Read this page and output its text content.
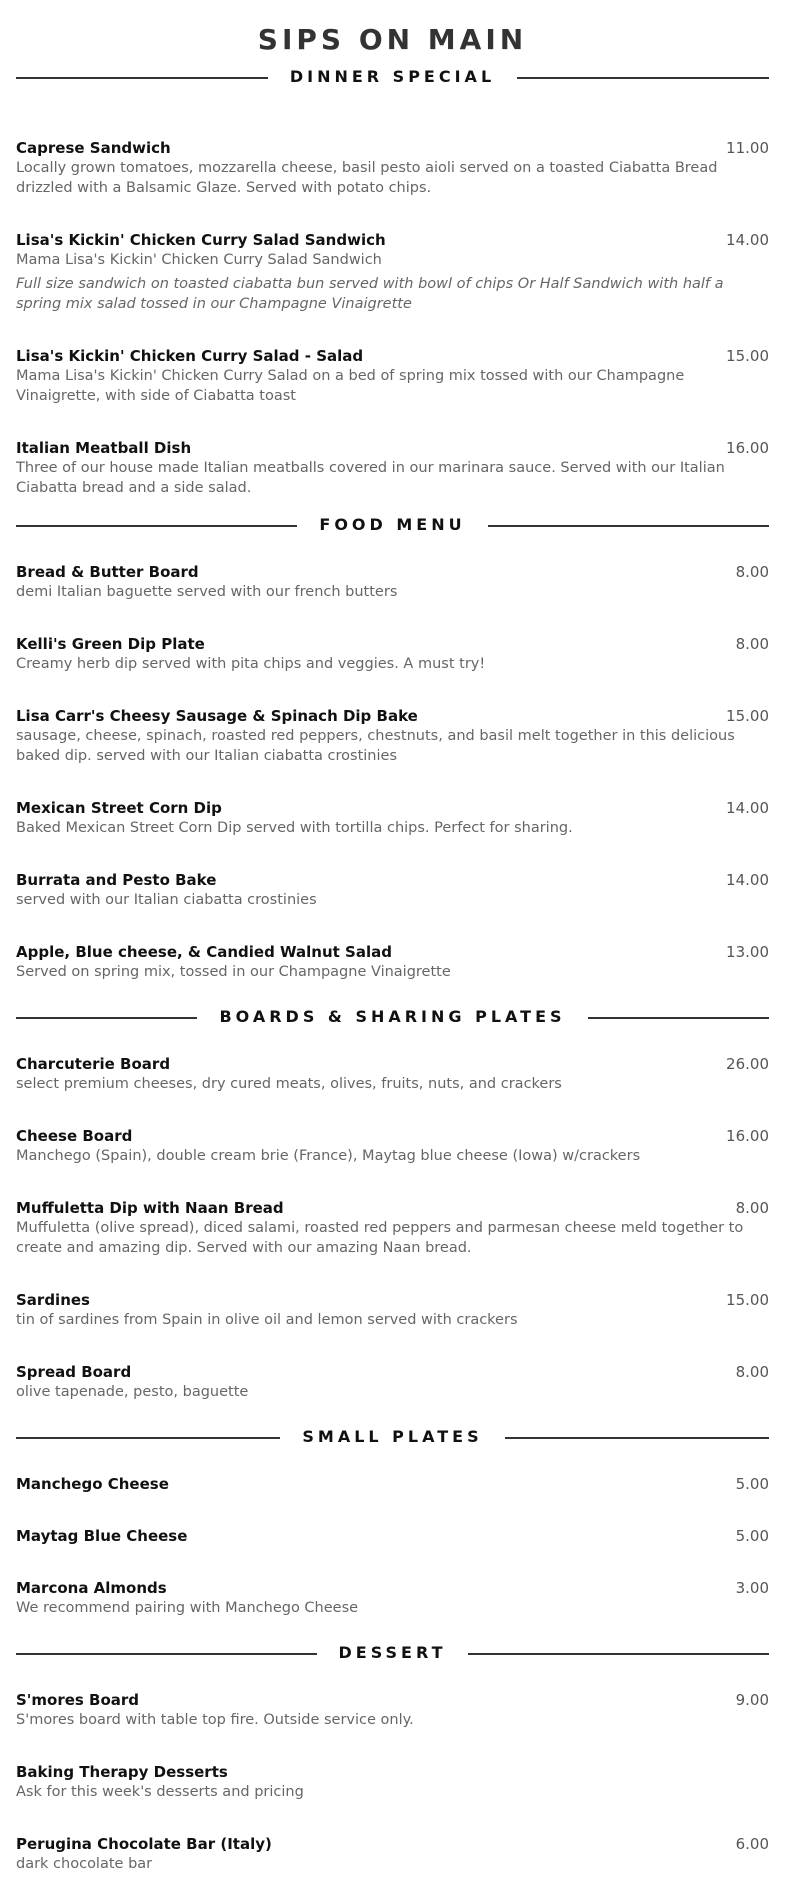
SIPS ON MAIN
DINNER SPECIAL
Caprese Sandwich	11.00
Locally grown tomatoes, mozzarella cheese, basil pesto aioli served on a toasted Ciabatta Bread drizzled with a Balsamic Glaze. Served with potato chips.
Lisa's Kickin' Chicken Curry Salad Sandwich	14.00
Mama Lisa's Kickin' Chicken Curry Salad Sandwich
Full size sandwich on toasted ciabatta bun served with bowl of chips Or Half Sandwich with half a spring mix salad tossed in our Champagne Vinaigrette
Lisa's Kickin' Chicken Curry Salad - Salad	15.00
Mama Lisa's Kickin' Chicken Curry Salad on a bed of spring mix tossed with our Champagne Vinaigrette, with side of Ciabatta toast
Italian Meatball Dish	16.00
Three of our house made Italian meatballs covered in our marinara sauce. Served with our Italian Ciabatta bread and a side salad.
FOOD MENU
Bread & Butter Board	8.00
demi Italian baguette served with our french butters
Kelli's Green Dip Plate	8.00
Creamy herb dip served with pita chips and veggies. A must try!
Lisa Carr's Cheesy Sausage & Spinach Dip Bake	15.00
sausage, cheese, spinach, roasted red peppers, chestnuts, and basil melt together in this delicious baked dip. served with our Italian ciabatta crostinies
Mexican Street Corn Dip	14.00
Baked Mexican Street Corn Dip served with tortilla chips. Perfect for sharing.
Burrata and Pesto Bake	14.00
served with our Italian ciabatta crostinies
Apple, Blue cheese, & Candied Walnut Salad	13.00
Served on spring mix, tossed in our Champagne Vinaigrette
BOARDS & SHARING PLATES
Charcuterie Board	26.00
select premium cheeses, dry cured meats, olives, fruits, nuts, and crackers
Cheese Board	16.00
Manchego (Spain), double cream brie (France), Maytag blue cheese (Iowa) w/crackers
Muffuletta Dip with Naan Bread	8.00
Muffuletta (olive spread), diced salami, roasted red peppers and parmesan cheese meld together to create and amazing dip. Served with our amazing Naan bread.
Sardines	15.00
tin of sardines from Spain in olive oil and lemon served with crackers
Spread Board	8.00
olive tapenade, pesto, baguette
SMALL PLATES
Manchego Cheese	5.00
Maytag Blue Cheese	5.00
Marcona Almonds	3.00
We recommend pairing with Manchego Cheese
DESSERT
S'mores Board	9.00
S'mores board with table top fire. Outside service only.
Baking Therapy Desserts
Ask for this week's desserts and pricing
Perugina Chocolate Bar (Italy)	6.00
dark chocolate bar
